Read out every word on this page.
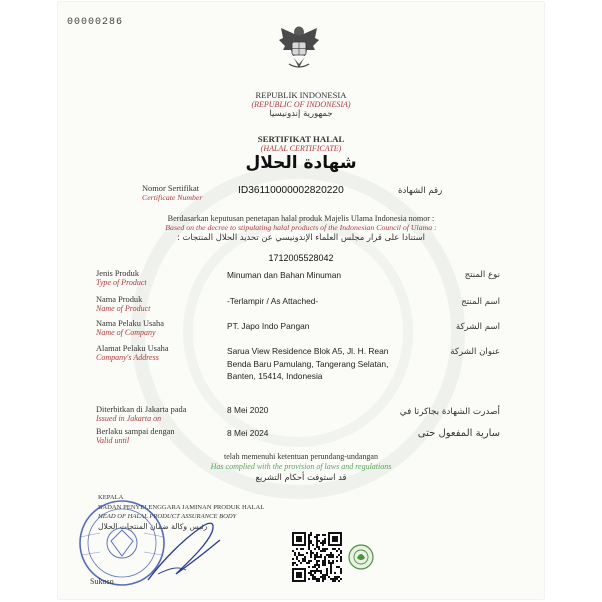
00000286
REPUBLIK INDONESIA
(REPUBLIC OF INDONESIA)
جمهورية إندونيسيا
SERTIFIKAT HALAL
(HALAL CERTIFICATE)
شهادة الحلال
Nomor Sertifikat
Certificate Number
ID36110000002820220	رقم الشهادة
Berdasarkan keputusan penetapan halal produk Majelis Ulama Indonesia nomor :
Based on the decree to stipulating halal products of the Indonesian Council of Ulama :
استنادا على قرار مجلس العلماء الإندونيسي عن تحديد الحلال المنتجات :
1712005528042
Jenis Produk
Type of Product
Minuman dan Bahan Minuman	نوع المنتج
Nama Produk
Name of Product
-Terlampir / As Attached-	اسم المنتج
Nama Pelaku Usaha
Name of Company
PT. Japo Indo Pangan	اسم الشركة
Alamat Pelaku Usaha
Company's Address
Sarua View Residence Blok A5, Jl. H. Rean Benda Baru Pamulang, Tangerang Selatan, Banten, 15414, Indonesia
عنوان الشركة
Diterbitkan di Jakarta pada
Issued in Jakarta on
8 Mei 2020	أصدرت الشهادة بجاكرتا في
Berlaku sampai dengan
Valid until
8 Mei 2024	سارية المفعول حتى
telah memenuhi ketentuan perundang-undangan
Has complied with the provision of laws and regulations
قد استوفت أحكام التشريع
KEPALA
BADAN PENYELENGGARA JAMINAN PRODUK HALAL
HEAD OF HALAL PRODUCT ASSURANCE BODY
رئيس وكالة ضمان المنتجات الحلال
Sukoso
